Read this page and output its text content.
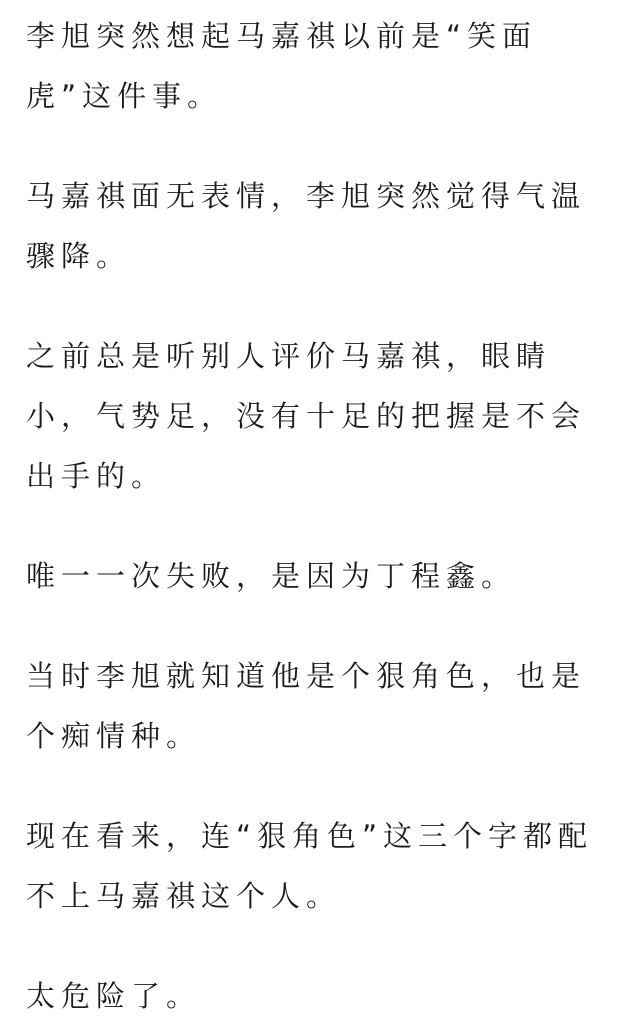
李旭突然想起马嘉祺以前是“笑面虎”这件事。

马嘉祺面无表情，李旭突然觉得气温骤降。

之前总是听别人评价马嘉祺，眼睛小，气势足，没有十足的把握是不会出手的。

唯一一次失败，是因为丁程鑫。

当时李旭就知道他是个狠角色，也是个痴情种。

现在看来，连“狠角色”这三个字都配不上马嘉祺这个人。

太危险了。
